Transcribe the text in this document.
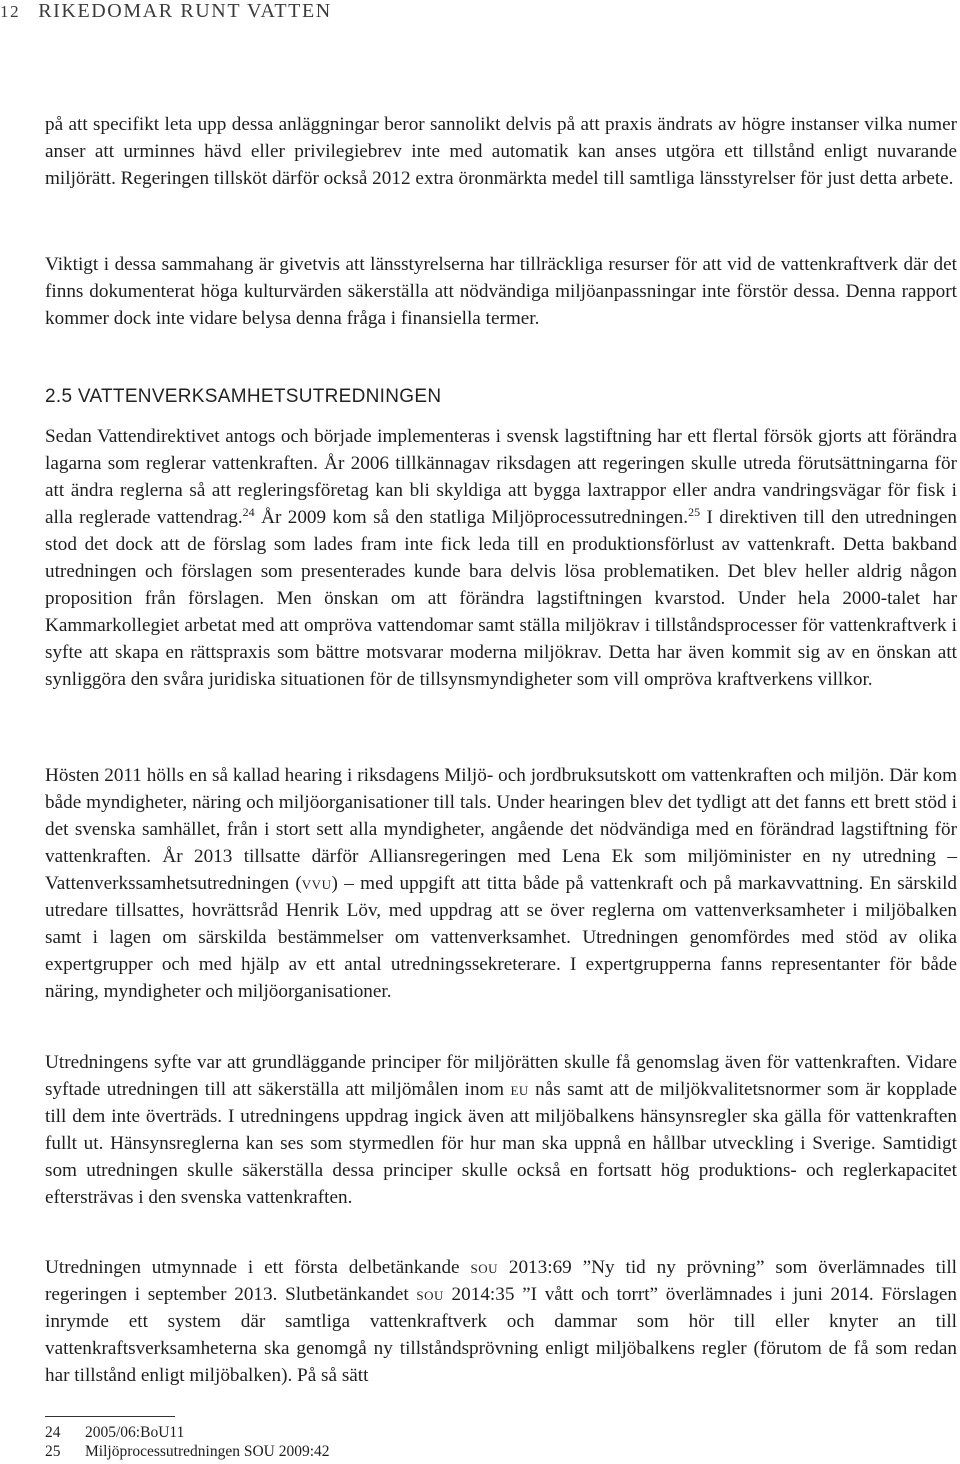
12 RIKEDOMAR RUNT VATTEN

på att specifikt leta upp dessa anläggningar beror sannolikt delvis på att praxis ändrats av högre instanser vilka numer anser att urminnes hävd eller privilegiebrev inte med automatik kan anses utgöra ett tillstånd enligt nuvarande miljörätt. Regeringen tillsköt därför också 2012 extra öronmärkta medel till samtliga länsstyrelser för just detta arbete.

Viktigt i dessa sammahang är givetvis att länsstyrelserna har tillräckliga resurser för att vid de vattenkraftverk där det finns dokumenterat höga kulturvärden säkerställa att nödvändiga miljöanpassningar inte förstör dessa. Denna rapport kommer dock inte vidare belysa denna fråga i finansiella termer.

2.5 VATTENVERKSAMHETSUTREDNINGEN

Sedan Vattendirektivet antogs och började implementeras i svensk lagstiftning har ett flertal försök gjorts att förändra lagarna som reglerar vattenkraften. År 2006 tillkännagav riksdagen att regeringen skulle utreda förutsättningarna för att ändra reglerna så att regleringsföretag kan bli skyldiga att bygga laxtrappor eller andra vandringsvägar för fisk i alla reglerade vattendrag.$^{24}$ År 2009 kom så den statliga Miljöprocessutredningen.$^{25}$ I direktiven till den utredningen stod det dock att de förslag som lades fram inte fick leda till en produktionsförlust av vattenkraft. Detta bakband utredningen och förslagen som presenterades kunde bara delvis lösa problematiken. Det blev heller aldrig någon proposition från förslagen. Men önskan om att förändra lagstiftningen kvarstod. Under hela 2000-talet har Kammarkollegiet arbetat med att ompröva vattendomar samt ställa miljökrav i tillståndsprocesser för vattenkraftverk i syfte att skapa en rättspraxis som bättre motsvarar moderna miljökrav. Detta har även kommit sig av en önskan att synliggöra den svåra juridiska situationen för de tillsynsmyndigheter som vill ompröva kraftverkens villkor.

Hösten 2011 hölls en så kallad hearing i riksdagens Miljö- och jordbruksutskott om vattenkraften och miljön. Där kom både myndigheter, näring och miljöorganisationer till tals. Under hearingen blev det tydligt att det fanns ett brett stöd i det svenska samhället, från i stort sett alla myndigheter, angående det nödvändiga med en förändrad lagstiftning för vattenkraften. År 2013 tillsatte därför Alliansregeringen med Lena Ek som miljöminister en ny utredning – Vattenverkssamhetsutredningen (vvu) – med uppgift att titta både på vattenkraft och på markavvattning. En särskild utredare tillsattes, hovrättsråd Henrik Löv, med uppdrag att se över reglerna om vattenverksamheter i miljöbalken samt i lagen om särskilda bestämmelser om vattenverksamhet. Utredningen genomfördes med stöd av olika expertgrupper och med hjälp av ett antal utredningssekreterare. I expertgrupperna fanns representanter för både näring, myndigheter och miljöorganisationer.

Utredningens syfte var att grundläggande principer för miljörätten skulle få genomslag även för vattenkraften. Vidare syftade utredningen till att säkerställa att miljömålen inom eu nås samt att de miljökvalitetsnormer som är kopplade till dem inte överträds. I utredningens uppdrag ingick även att miljöbalkens hänsynsregler ska gälla för vattenkraften fullt ut. Hänsynsreglerna kan ses som styrmedlen för hur man ska uppnå en hållbar utveckling i Sverige. Samtidigt som utredningen skulle säkerställa dessa principer skulle också en fortsatt hög produktions- och reglerkapacitet eftersträvas i den svenska vattenkraften.

Utredningen utmynnade i ett första delbetänkande sou 2013:69 ”Ny tid ny prövning” som överlämnades till regeringen i september 2013. Slutbetänkandet sou 2014:35 ”I vått och torrt” överlämnades i juni 2014. Förslagen inrymde ett system där samtliga vattenkraftverk och dammar som hör till eller knyter an till vattenkraftsverksamheterna ska genomgå ny tillståndsprövning enligt miljöbalkens regler (förutom de få som redan har tillstånd enligt miljöbalken). På så sätt

24 2005/06:BoU11

25 Miljöprocessutredningen SOU 2009:42
